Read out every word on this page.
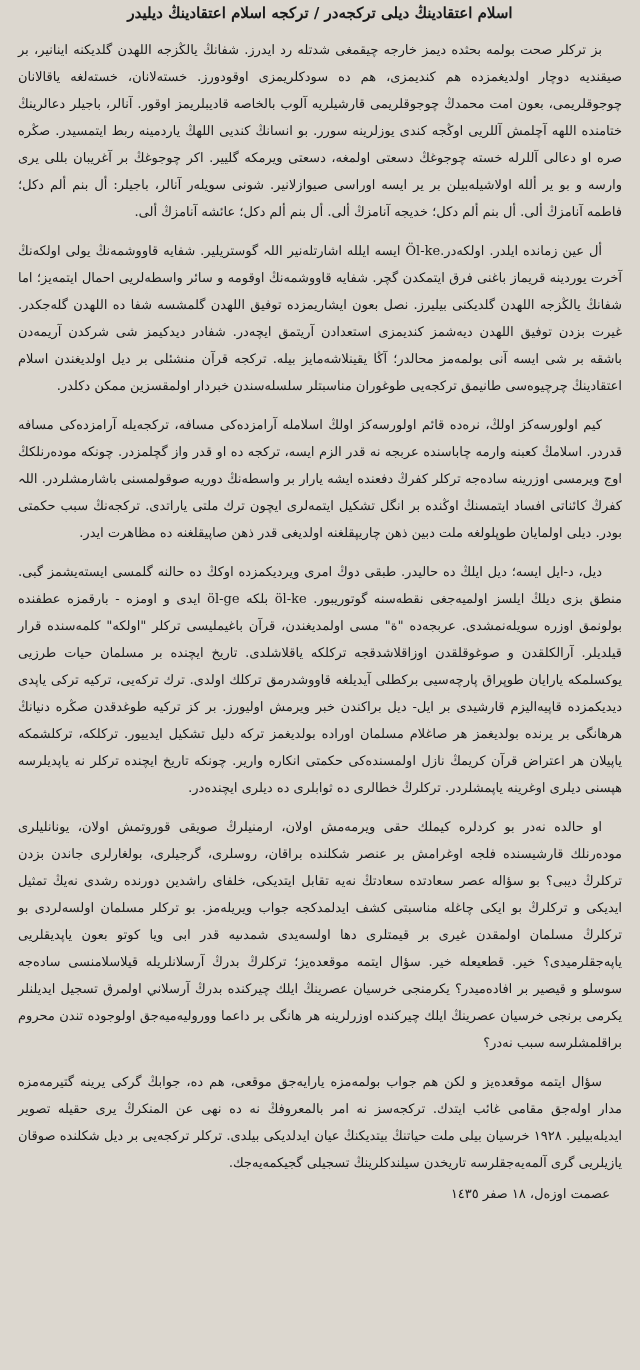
اسلام اعتقادينڭ ديلى تركجەدر / تركجە اسلام اعتقادينڭ ديليدر

بز تركلر صحت بولمە بحثدە ديمز خارجە چيقمغى شدتلە رد ايدرز. شفانڭ يالڭزجە اللهدن گلديكنە اينانير، بر صيقنديە دوچار اولديغمزدە هم كنديمزى، هم دە سودكلريمزى اوقودورز. خستەلانان، خستەلغە ياقالانان چوجوقلريمى، بعون امت محمدڭ چوجوقلريمى قارشيلريە آلوب بالخاصە قاديبلريمز اوقور. آنالر، باجيلر دعالرينڭ ختامندە اللهە آچلمش آللريى اوڭجە كندى يوزلرينە سورر. بو انسانڭ كنديى اللهڭ ياردمينە ربط ايتمسيدر. صڭرە صرە او دعالى آللرلە خستە چوجوغڭ دسعتى اولمغە، دسعتى ويرمكە گليير. اكر چوجوغڭ بر آغريبان بللى يرى وارسە و بو ير أللە اولاشيلەبيلن بر ير ايسە اوراسى صيوازلانير. شونى سويلەر آنالر، باجيلر: أل بنم ألم دكل؛ فاطمە آنامزڭ ألى. أل بنم ألم دكل؛ خديجە آنامزڭ ألى. أل بنم ألم دكل؛ عائشە آنامزڭ ألى.

أل عين زماندە ايلدر. اولكەدر.Öl-ke ايسە ايللە اشارتلەنير اللہ گوستريلير. شفايە قاووشمەنڭ يولى اولكەنڭ آخرت يوردينە قريماز باغنى فرق ايتمكدن گچر. شفايە قاووشمەنڭ اوقومە و سائر واسطەلريى احمال ايتمەيز؛ اما شفانڭ يالڭزجە اللهدن گلديكنى بيليرز. نصل بعون ايشاريمزدە توفيق اللهدن گلمشسە شفا دە اللهدن گلەجكدر. غيرت بزدن توفيق اللهدن ديەشمز كنديمزى استعدادن آريتمق ايچەدر. شفادر ديدكيمز شى شركدن آريمەدن باشقە بر شى ايسە آنى بولمەمز محالدر؛ آڭا يقينلاشەمايز بيلە. تركجە قرآن منشئلى بر ديل اولديغندن اسلام اعتقادينڭ چرچيوەسى طانيمق تركجەيى طوغوران مناسبتلر سلسلەسندن خبردار اولمقسزين ممكن دكلدر.

كيم اولورسەكز اولڭ، نرەدە قائم اولورسەكز اولڭ اسلاملە آرامزدەكى مسافە، تركجەيلە آرامزدەكى مسافە قدردر. اسلامڭ كعبنە وارمە چاباسندە عربجە نە قدر الزم ايسە، تركجە دە او قدر واز گچلمزدر. چونكە مودەرنلكڭ اوج ويرمسى اوزرينە سادەجە تركلر كفرڭ دفعندە ايشە يارار بر واسطەنڭ دوريە صوقولمسنى باشارمشلردر. اللہ كفرڭ كائناتى افساد ايتمسنڭ اوڭندە بر انگل تشكيل ايتمەلرى ايچون ترك ملتى ياراتدى. تركجەنڭ سبب حكمتى بودر. ديلى اولمايان طوپلولغە ملت دبين ذهن چاريپقلغنە اولديغى قدر ذهن صاپيقلغنە دە مظاهرت ايدر.

ديل، د-ايل ايسە؛ ديل ايلڭ دە حاليدر. طبقى دوڭ امرى ويرديكمزدە اوكڭ دە حالنە گلمسى ايستەيشمز گبى. منطق بزى ديلڭ ايلسز اولميەجغى نقطەسنە گوتوريبور. öl-ke بلكە öl-ge ايدى و اومزە - بارقمزە عطفندە بولونمق اوزرە سويلەنمشدى. عربجەدە "ة" مسى اولمديغندن، قرآن باغيمليسى تركلر "اولكە" كلمەسندە قرار قيلديلر. آرالكلقدن و صوغوقلقدن اوزاقلاشدقجە تركلكە ياقلاشلدى. تاريخ ايچندە بر مسلمان حيات طرزيى يوكسلمكە يارايان طوپراق پارچەسيى بركطلى آيديلغە قاووشدرمق تركلك اولدى. ترك تركەيى، تركيە تركى ياپدى ديديكمزدە قاپيەاليزم قارشيدى بر ايل- ديل براكندن خبر ويرمش اوليورز. بر كز تركيە طوغدقدن صڭرە دنيانڭ هرهانگى بر يرندە بولديغمز هر صاغلام مسلمان اوراده بولديغمز تركە دليل تشكيل ايدييور. تركلكە، تركلشمكە ياپيلان هر اعتراض قرآن كريمڭ نازل اولمسندەكى حكمتى انكارە وارير. چونكە تاريخ ايچندە تركلر نە ياپديلرسە هپسنى ديلرى اوغرينە ياپمشلردر. تركلرڭ خطالرى دە ثوابلرى دە ديلرى ايچندەدر.

او حالدە نەدر بو كردلرە كيملك حقى ويرمەمش اولان، ارمنيلرڭ صويقى قوروتمش اولان، يونانليلرى مودەرنلك قارشيسندە فلجە اوغرامش بر عنصر شكلندە براقان، روسلرى، گرجيلرى، بولغارلرى جاندن بزدن تركلرڭ ديبى؟ بو سؤالە عصر سعادتدە سعادتڭ نەيە تقابل ايتديكى، خلفاى راشدين دورندە رشدى نەيڭ تمثيل ايديكى و تركلرڭ بو ايكى چاغلە مناسبتى كشف ايدلمدكجە جواب ويريلەمز. بو تركلر مسلمان اولسەلردى بو تركلرڭ مسلمان اولمقدن غيرى بر قيمتلرى دها اولسەيدى شمدىيە قدر ابى ويا كوتو بعون ياپديقلريى ياپەجقلرميدى؟ خير. قطعيعلە خير. سؤال ايتمە موقعدەيز؛ تركلرڭ بدرڭ آرسلانلريلە قيلاسلامنسى سادەجە سوسلو و قيصير بر افادەميدر؟ يكرمنجى خرسيان عصرينڭ ايلك چيركندە بدرڭ آرسلاني اولمرق تسجيل ايديلنلر يكرمى برنجى خرسيان عصرينڭ ايلك چيركندە اوزرلرينە هر هانگى بر داعما ووروليەميەجق اولوجوده تندن محروم براقلمشلرسە سبب نەدر؟

سؤال ايتمە موقعدەيز و لكن هم جواب بولمەمزە يارايەجق موقعى، هم دە، جوابڭ گركى يرينە گتيرمەمزە مدار اولەجق مقامى غائب ايتدك. تركجەسز نە امر بالمعروفڭ نە دە نهى عن المنكرڭ يرى حقيلە تصوير ايديلەبيلير. ١٩٢٨ خرسيان بيلى ملت حياتنڭ بيتديكنڭ عيان ايدلديكى بيلدى. تركلر تركجەيى بر ديل شكلندە صوقان يازيلريى گرى آلمەيەجقلرسە تاريخدن سيلندكلرينڭ تسجيلى گجيكمەيەجك.

عصمت اوزەل، ١٨ صفر ١٤٣٥
